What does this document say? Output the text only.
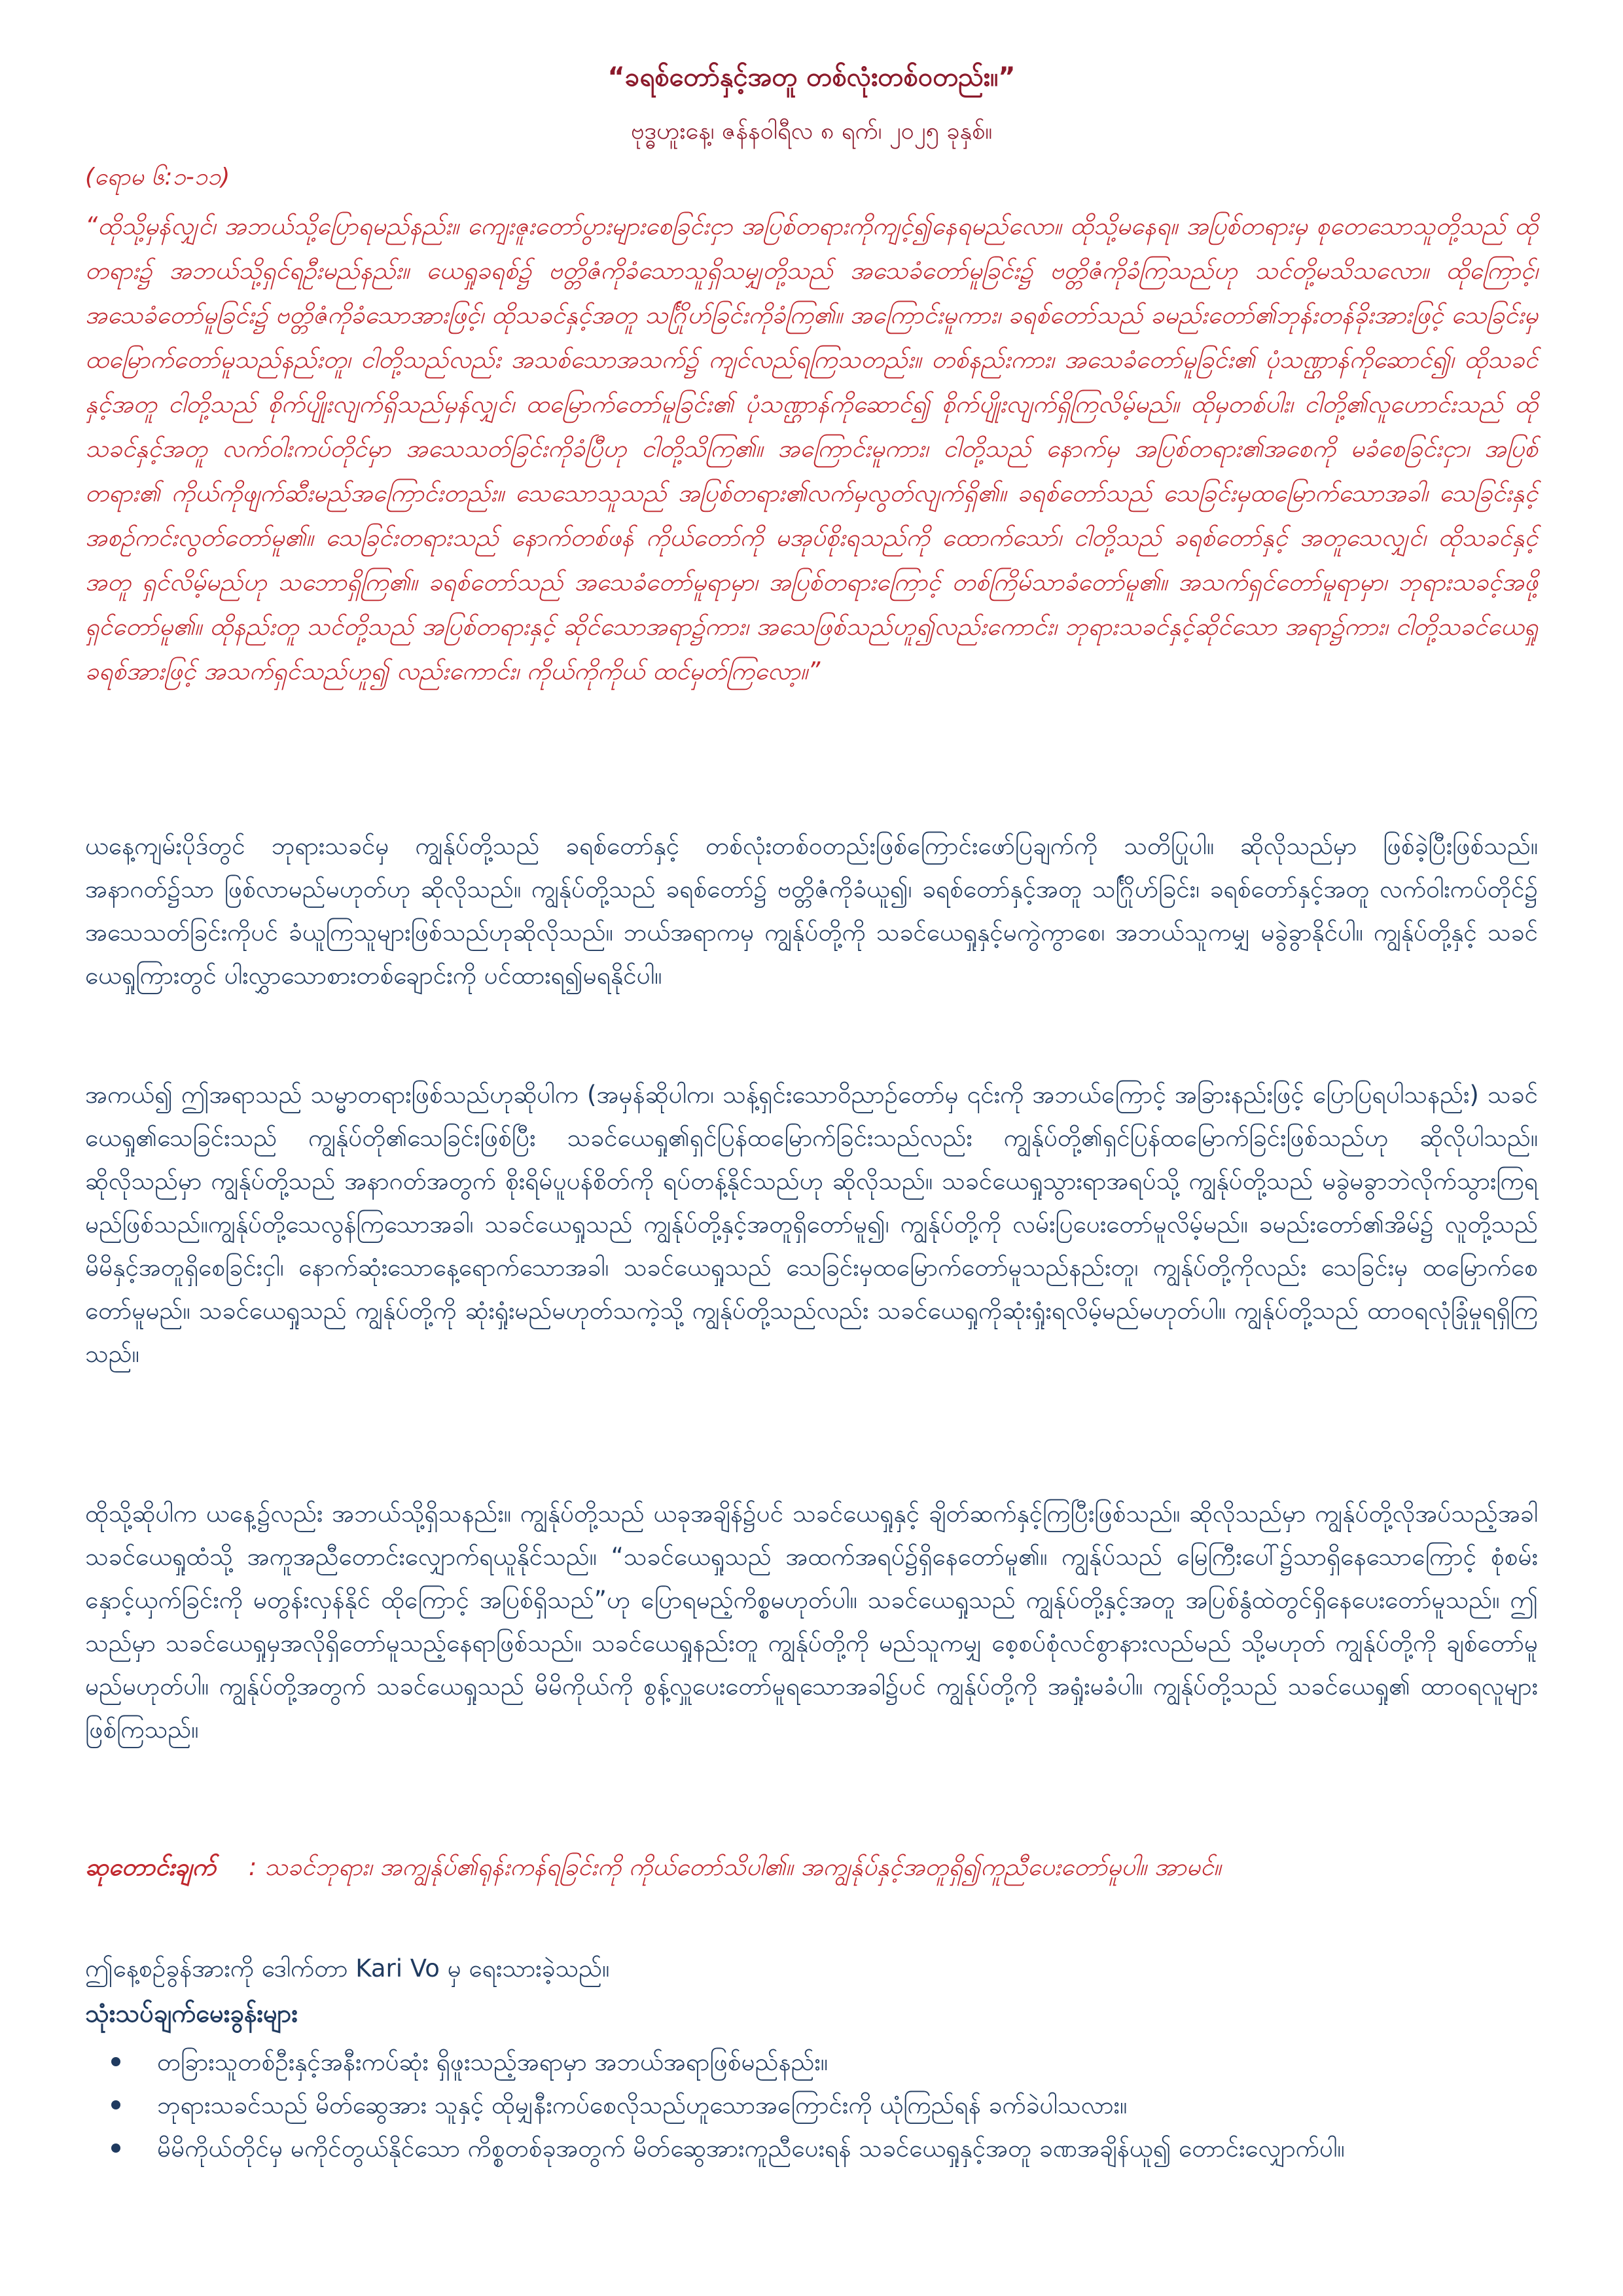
“ခရစ်တော်နှင့်အတူ တစ်လုံးတစ်ဝတည်း။”

ဗုဒ္ဓဟူးနေ့၊ ဇန်နဝါရီလ ၈ ရက်၊ ၂၀၂၅ ခုနှစ်။

(ရောမ ၆:၁-၁၁)

“ထိုသို့မှန်လျှင်၊ အဘယ်သို့ပြောရမည်နည်း။ ကျေးဇူးတော်ပွားများစေခြင်းငှာ အပြစ်တရားကိုကျင့်၍နေရမည်လော။ ထိုသို့မနေရ။ အပြစ်တရားမှ စုတေသောသူတို့သည် ထိုတရား၌ အဘယ်သို့ရှင်ရဦးမည်နည်း။ ယေရှုခရစ်၌ ဗတ္တိဇံကိုခံသောသူရှိသမျှတို့သည် အသေခံတော်မူခြင်း၌ ဗတ္တိဇံကိုခံကြသည်ဟု သင်တို့မသိသလော။ ထိုကြောင့်၊ အသေခံတော်မူခြင်း၌ ဗတ္တိဇံကိုခံသောအားဖြင့်၊ ထိုသခင်နှင့်အတူ သင်္ဂြိုဟ်ခြင်းကိုခံကြ၏။ အကြောင်းမူကား၊ ခရစ်တော်သည် ခမည်းတော်၏ဘုန်းတန်ခိုးအားဖြင့် သေခြင်းမှထမြောက်တော်မူသည်နည်းတူ၊ ငါတို့သည်လည်း အသစ်သောအသက်၌ ကျင်လည်ရကြသတည်း။ တစ်နည်းကား၊ အသေခံတော်မူခြင်း၏ ပုံသဏ္ဌာန်ကိုဆောင်၍၊ ထိုသခင်နှင့်အတူ ငါတို့သည် စိုက်ပျိုးလျက်ရှိသည်မှန်လျှင်၊ ထမြောက်တော်မူခြင်း၏ ပုံသဏ္ဌာန်ကိုဆောင်၍ စိုက်ပျိုးလျက်ရှိကြလိမ့်မည်။ ထိုမှတစ်ပါး၊ ငါတို့၏လူဟောင်းသည် ထိုသခင်နှင့်အတူ လက်ဝါးကပ်တိုင်မှာ အသေသတ်ခြင်းကိုခံပြီဟု ငါတို့သိကြ၏။ အကြောင်းမူကား၊ ငါတို့သည် နောက်မှ အပြစ်တရား၏အစေကို မခံစေခြင်းငှာ၊ အပြစ်တရား၏ ကိုယ်ကိုဖျက်ဆီးမည်အကြောင်းတည်း။ သေသောသူသည် အပြစ်တရား၏လက်မှလွတ်လျက်ရှိ၏။ ခရစ်တော်သည် သေခြင်းမှထမြောက်သောအခါ၊ သေခြင်းနှင့်အစဉ်ကင်းလွတ်တော်မူ၏။ သေခြင်းတရားသည် နောက်တစ်ဖန် ကိုယ်တော်ကို မအုပ်စိုးရသည်ကို ထောက်သော်၊ ငါတို့သည် ခရစ်တော်နှင့် အတူသေလျှင်၊ ထိုသခင်နှင့်အတူ ရှင်လိမ့်မည်ဟု သဘောရှိကြ၏။ ခရစ်တော်သည် အသေခံတော်မူရာမှာ၊ အပြစ်တရားကြောင့် တစ်ကြိမ်သာခံတော်မူ၏။ အသက်ရှင်တော်မူရာမှာ၊ ဘုရားသခင့်အဖို့ ရှင်တော်မူ၏။ ထိုနည်းတူ သင်တို့သည် အပြစ်တရားနှင့် ဆိုင်သောအရာ၌ကား၊ အသေဖြစ်သည်ဟူ၍လည်းကောင်း၊ ဘုရားသခင်နှင့်ဆိုင်သော အရာ၌ကား၊ ငါတို့သခင်ယေရှုခရစ်အားဖြင့် အသက်ရှင်သည်ဟူ၍ လည်းကောင်း၊ ကိုယ်ကိုကိုယ် ထင်မှတ်ကြလော့။”

ယနေ့ကျမ်းပိုဒ်တွင် ဘုရားသခင်မှ ကျွန်ုပ်တို့သည် ခရစ်တော်နှင့် တစ်လုံးတစ်ဝတည်းဖြစ်ကြောင်းဖော်ပြချက်ကို သတိပြုပါ။ ဆိုလိုသည်မှာ ဖြစ်ခဲ့ပြီးဖြစ်သည်။ အနာဂတ်၌သာ ဖြစ်လာမည်မဟုတ်ဟု ဆိုလိုသည်။ ကျွန်ုပ်တို့သည် ခရစ်တော်၌ ဗတ္တိဇံကိုခံယူ၍၊ ခရစ်တော်နှင့်အတူ သင်္ဂြိုဟ်ခြင်း၊ ခရစ်တော်နှင့်အတူ လက်ဝါးကပ်တိုင်၌ အသေသတ်ခြင်းကိုပင် ခံယူကြသူများဖြစ်သည်ဟုဆိုလိုသည်။ ဘယ်အရာကမှ ကျွန်ုပ်တို့ကို သခင်ယေရှုနှင့်မကွဲကွာစေ၊ အဘယ်သူကမျှ မခွဲခွာနိုင်ပါ။ ကျွန်ုပ်တို့နှင့် သခင်ယေရှုကြားတွင် ပါးလွှာသောစားတစ်ချောင်းကို ပင်ထားရ၍မရနိုင်ပါ။

အကယ်၍ ဤအရာသည် သမ္မာတရားဖြစ်သည်ဟုဆိုပါက (အမှန်ဆိုပါက၊ သန့်ရှင်းသောဝိညာဉ်တော်မှ ၎င်းကို အဘယ်ကြောင့် အခြားနည်းဖြင့် ပြောပြရပါသနည်း) သခင်ယေရှု၏သေခြင်းသည် ကျွန်ုပ်တို၏သေခြင်းဖြစ်ပြီး သခင်ယေရှု၏ရှင်ပြန်ထမြောက်ခြင်းသည်လည်း ကျွန်ုပ်တို့၏ရှင်ပြန်ထမြောက်ခြင်းဖြစ်သည်ဟု ဆိုလိုပါသည်။ ဆိုလိုသည်မှာ ကျွန်ုပ်တို့သည် အနာဂတ်အတွက် စိုးရိမ်ပူပန်စိတ်ကို ရပ်တန့်နိုင်သည်ဟု ဆိုလိုသည်။ သခင်ယေရှုသွားရာအရပ်သို့ ကျွန်ုပ်တို့သည် မခွဲမခွာဘဲလိုက်သွားကြရမည်ဖြစ်သည်။ကျွန်ုပ်တို့သေလွန်ကြသောအခါ၊ သခင်ယေရှုသည် ကျွန်ုပ်တို့နှင့်အတူရှိတော်မူ၍၊ ကျွန်ုပ်တို့ကို လမ်းပြပေးတော်မူလိမ့်မည်။ ခမည်းတော်၏အိမ်၌ လူတို့သည် မိမိနှင့်အတူရှိစေခြင်းငှါ၊ နောက်ဆုံးသောနေ့ရောက်သောအခါ၊ သခင်ယေရှုသည် သေခြင်းမှထမြောက်တော်မူသည်နည်းတူ၊ ကျွန်ုပ်တို့ကိုလည်း သေခြင်းမှ ထမြောက်စေတော်မူမည်။ သခင်ယေရှုသည် ကျွန်ုပ်တို့ကို ဆုံးရှုံးမည်မဟုတ်သကဲ့သို့ ကျွန်ုပ်တို့သည်လည်း သခင်ယေရှုကိုဆုံးရှုံးရလိမ့်မည်မဟုတ်ပါ။ ကျွန်ုပ်တို့သည် ထာဝရလုံခြုံမှုရရှိကြသည်။

ထိုသို့ဆိုပါက ယနေ့၌လည်း အဘယ်သို့ရှိသနည်း။ ကျွန်ုပ်တို့သည် ယခုအချိန်၌ပင် သခင်ယေရှုနှင့် ချိတ်ဆက်နှင့်ကြပြီးဖြစ်သည်။ ဆိုလိုသည်မှာ ကျွန်ုပ်တို့လိုအပ်သည့်အခါ သခင်ယေရှုထံသို့ အကူအညီတောင်းလျှောက်ရယူနိုင်သည်။ “သခင်ယေရှုသည် အထက်အရပ်၌ရှိနေတော်မူ၏။ ကျွန်ုပ်သည် မြေကြီးပေါ်၌သာရှိနေသောကြောင့် စုံစမ်းနှောင့်ယှက်ခြင်းကို မတွန်းလှန်နိုင် ထိုကြောင့် အပြစ်ရှိသည်”ဟု ပြောရမည့်ကိစ္စမဟုတ်ပါ။ သခင်ယေရှုသည် ကျွန်ုပ်တို့နှင့်အတူ အပြစ်နွံထဲတွင်ရှိနေပေးတော်မူသည်။ ဤသည်မှာ သခင်ယေရှုမှအလိုရှိတော်မူသည့်နေရာဖြစ်သည်။ သခင်ယေရှုနည်းတူ ကျွန်ုပ်တို့ကို မည်သူကမျှ စေ့စပ်စုံလင်စွာနားလည်မည် သို့မဟုတ် ကျွန်ုပ်တို့ကို ချစ်တော်မူမည်မဟုတ်ပါ။ ကျွန်ုပ်တို့အတွက် သခင်ယေရှုသည် မိမိကိုယ်ကို စွန့်လှူပေးတော်မူရသောအခါ၌ပင် ကျွန်ုပ်တို့ကို အရှုံးမခံပါ။ ကျွန်ုပ်တို့သည် သခင်ယေရှု၏ ထာဝရလူများဖြစ်ကြသည်။

ဆုတောင်းချက် : သခင်ဘုရား၊ အကျွန်ုပ်၏ရုန်းကန်ရခြင်းကို ကိုယ်တော်သိပါ၏။ အကျွန်ုပ်နှင့်အတူရှိ၍ကူညီပေးတော်မူပါ။ အာမင်။

ဤနေ့စဉ်ခွန်အားကို ဒေါက်တာ Kari Vo မှ ရေးသားခဲ့သည်။

သုံးသပ်ချက်မေးခွန်းများ
တခြားသူတစ်ဦးနှင့်အနီးကပ်ဆုံး ရှိဖူးသည့်အရာမှာ အဘယ်အရာဖြစ်မည်နည်း။
ဘုရားသခင်သည် မိတ်ဆွေအား သူနှင့် ထိုမျှနီးကပ်စေလိုသည်ဟူသောအကြောင်းကို ယုံကြည်ရန် ခက်ခဲပါသလား။
မိမိကိုယ်တိုင်မှ မကိုင်တွယ်နိုင်သော ကိစ္စတစ်ခုအတွက် မိတ်ဆွေအားကူညီပေးရန် သခင်ယေရှုနှင့်အတူ ခဏအချိန်ယူ၍ တောင်းလျှောက်ပါ။
